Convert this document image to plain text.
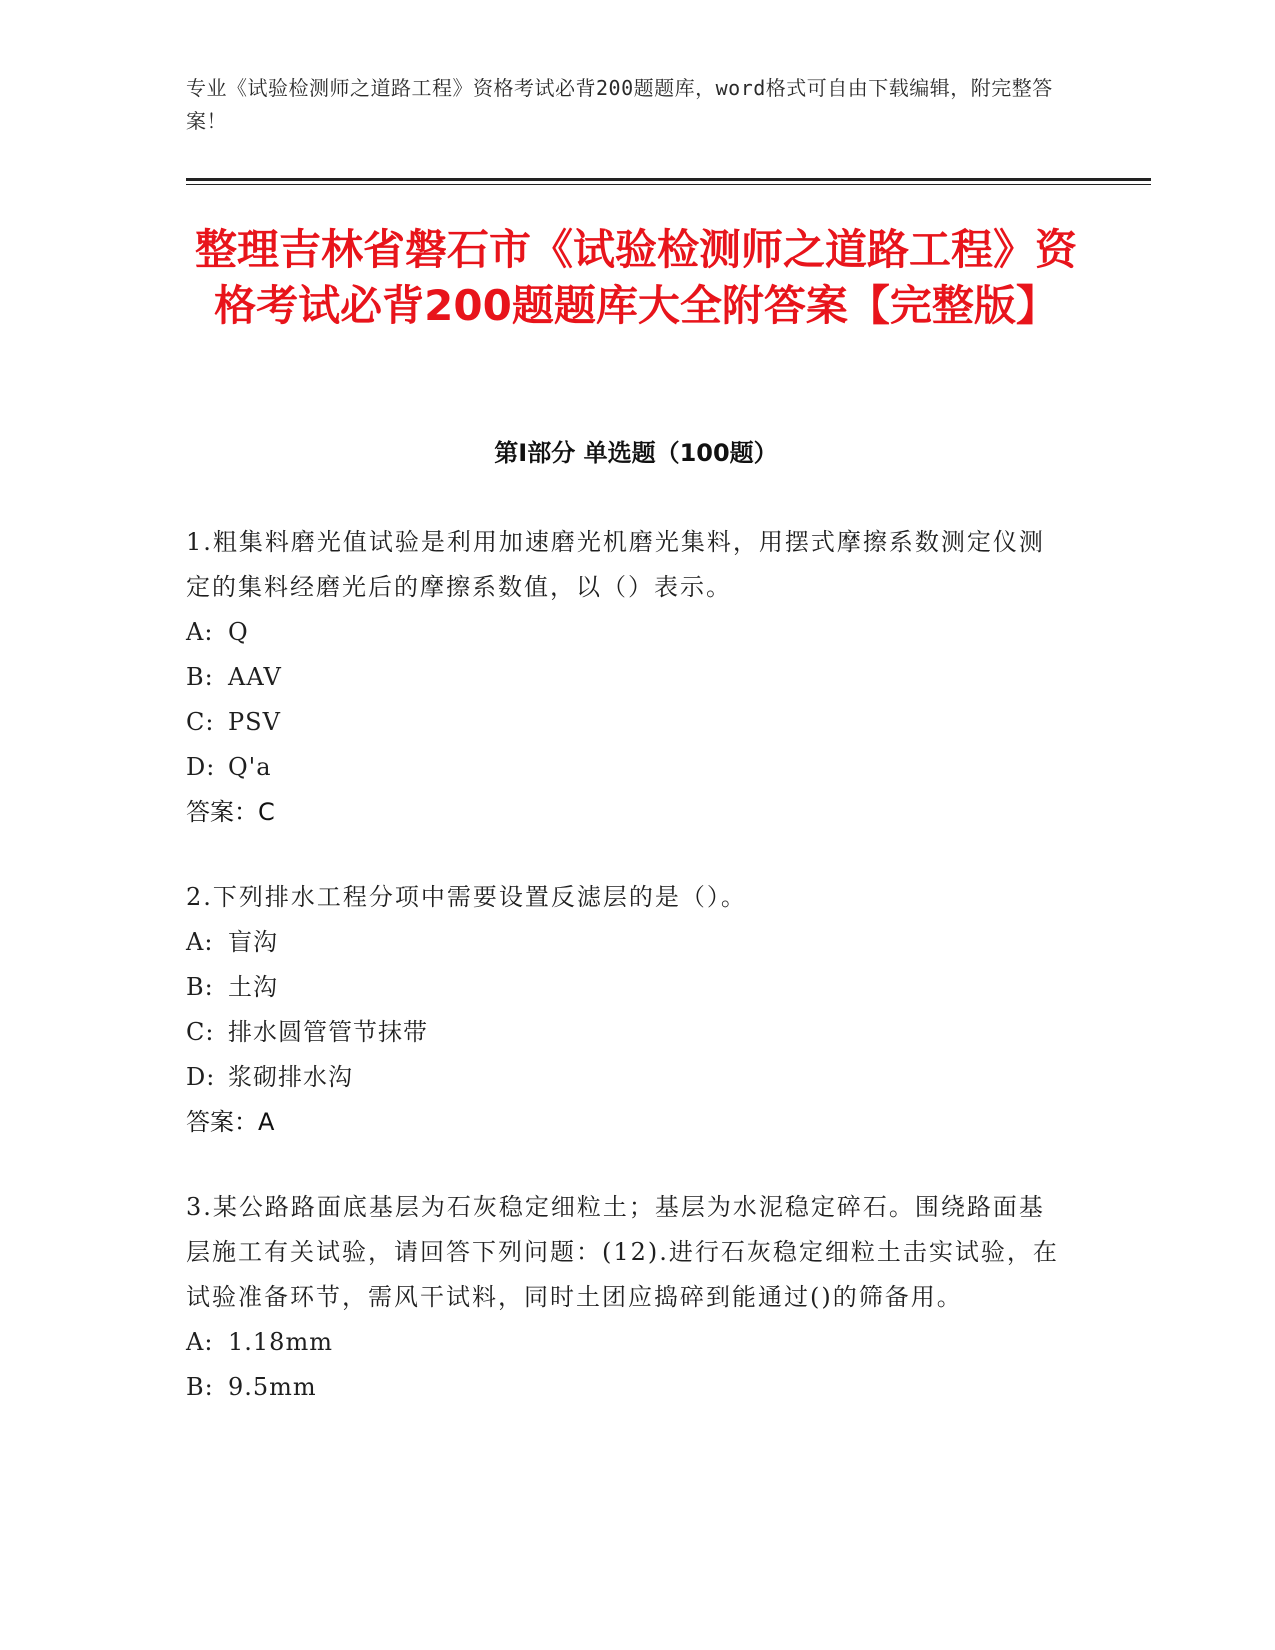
专业《试验检测师之道路工程》资格考试必背200题题库，word格式可自由下载编辑，附完整答案！
整理吉林省磐石市《试验检测师之道路工程》资格考试必背200题题库大全附答案【完整版】
第I部分 单选题（100题）
1.粗集料磨光值试验是利用加速磨光机磨光集料，用摆式摩擦系数测定仪测定的集料经磨光后的摩擦系数值，以（）表示。
A: Q
B: AAV
C: PSV
D: Q'a
答案：C
2.下列排水工程分项中需要设置反滤层的是（）。
A: 盲沟
B: 土沟
C: 排水圆管管节抹带
D: 浆砌排水沟
答案：A
3.某公路路面底基层为石灰稳定细粒土；基层为水泥稳定碎石。围绕路面基层施工有关试验，请回答下列问题：(12).进行石灰稳定细粒土击实试验，在试验准备环节，需风干试料，同时土团应捣碎到能通过()的筛备用。
A: 1.18mm
B: 9.5mm
